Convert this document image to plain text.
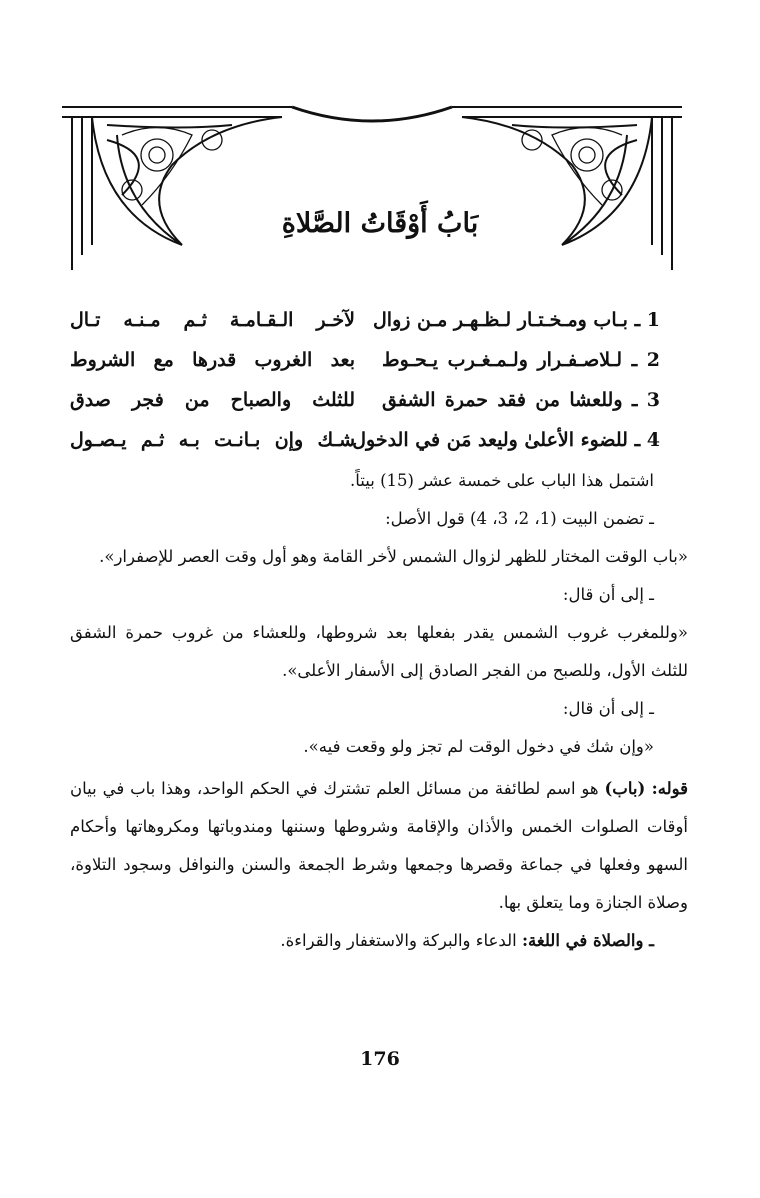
بَابُ أَوْقَاتُ الصَّلاةِ
1 ـ بـاب ومـخـتـار لـظـهـر مـن زوال
لآخـر الـقـامـة ثـم مـنـه تـال
2 ـ لـلاصـفـرار ولـمـغـرب يـحـوط
بعد الغروب قدرها مع الشروط
3 ـ وللعشا من فقد حمرة الشفق
للثلث والصباح من فجر صدق
4 ـ للضوء الأعلىٰ وليعد مَن في الدخول
شـك وإن بـانـت بـه ثـم يـصـول

اشتمل هذا الباب على خمسة عشر (15) بيتاً.

ـ تضمن البيت (1، 2، 3، 4) قول الأصل:

«باب الوقت المختار للظهر لزوال الشمس لأخر القامة وهو أول وقت العصر للإصفرار».

ـ إلى أن قال:

«وللمغرب غروب الشمس يقدر بفعلها بعد شروطها، وللعشاء من غروب حمرة الشفق للثلث الأول، وللصبح من الفجر الصادق إلى الأسفار الأعلى».

ـ إلى أن قال:

«وإن شك في دخول الوقت لم تجز ولو وقعت فيه».

قوله: (باب) هو اسم لطائفة من مسائل العلم تشترك في الحكم الواحد، وهذا باب في بيان أوقات الصلوات الخمس والأذان والإقامة وشروطها وسننها ومندوباتها ومكروهاتها وأحكام السهو وفعلها في جماعة وقصرها وجمعها وشرط الجمعة والسنن والنوافل وسجود التلاوة، وصلاة الجنازة وما يتعلق بها.

ـ والصلاة في اللغة: الدعاء والبركة والاستغفار والقراءة.

176
